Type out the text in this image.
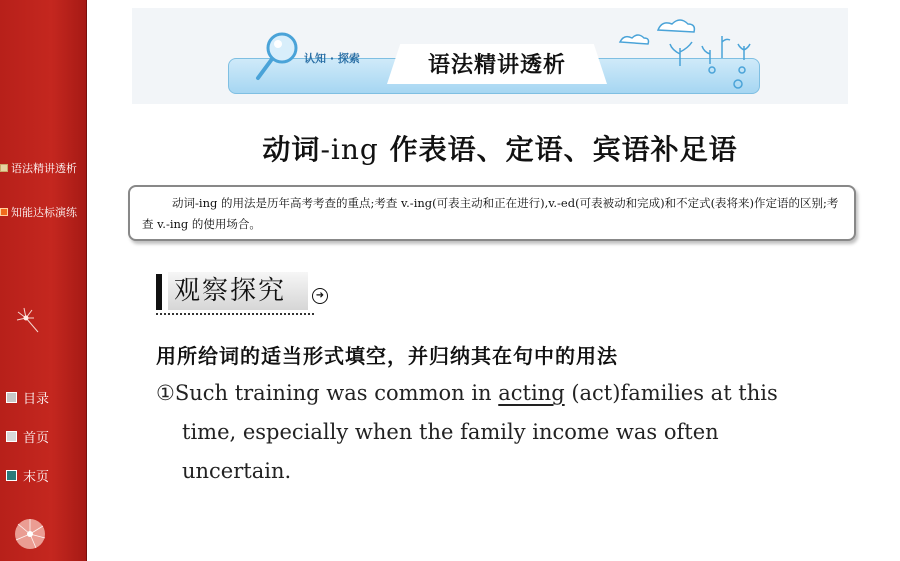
语法精讲透析
知能达标演练
目录
首页
末页
认知 · 探索	语法精讲透析
动词-ing 作表语、定语、宾语补足语
动词-ing 的用法是历年高考考查的重点;考查 v.-ing(可表主动和正在进行),v.-ed(可表被动和完成)和不定式(表将来)作定语的区别;考查 v.-ing 的使用场合。
观察探究	➜
用所给词的适当形式填空，并归纳其在句中的用法
①Such training was common in acting (act)families at this
time, especially when the family income was often
uncertain.
